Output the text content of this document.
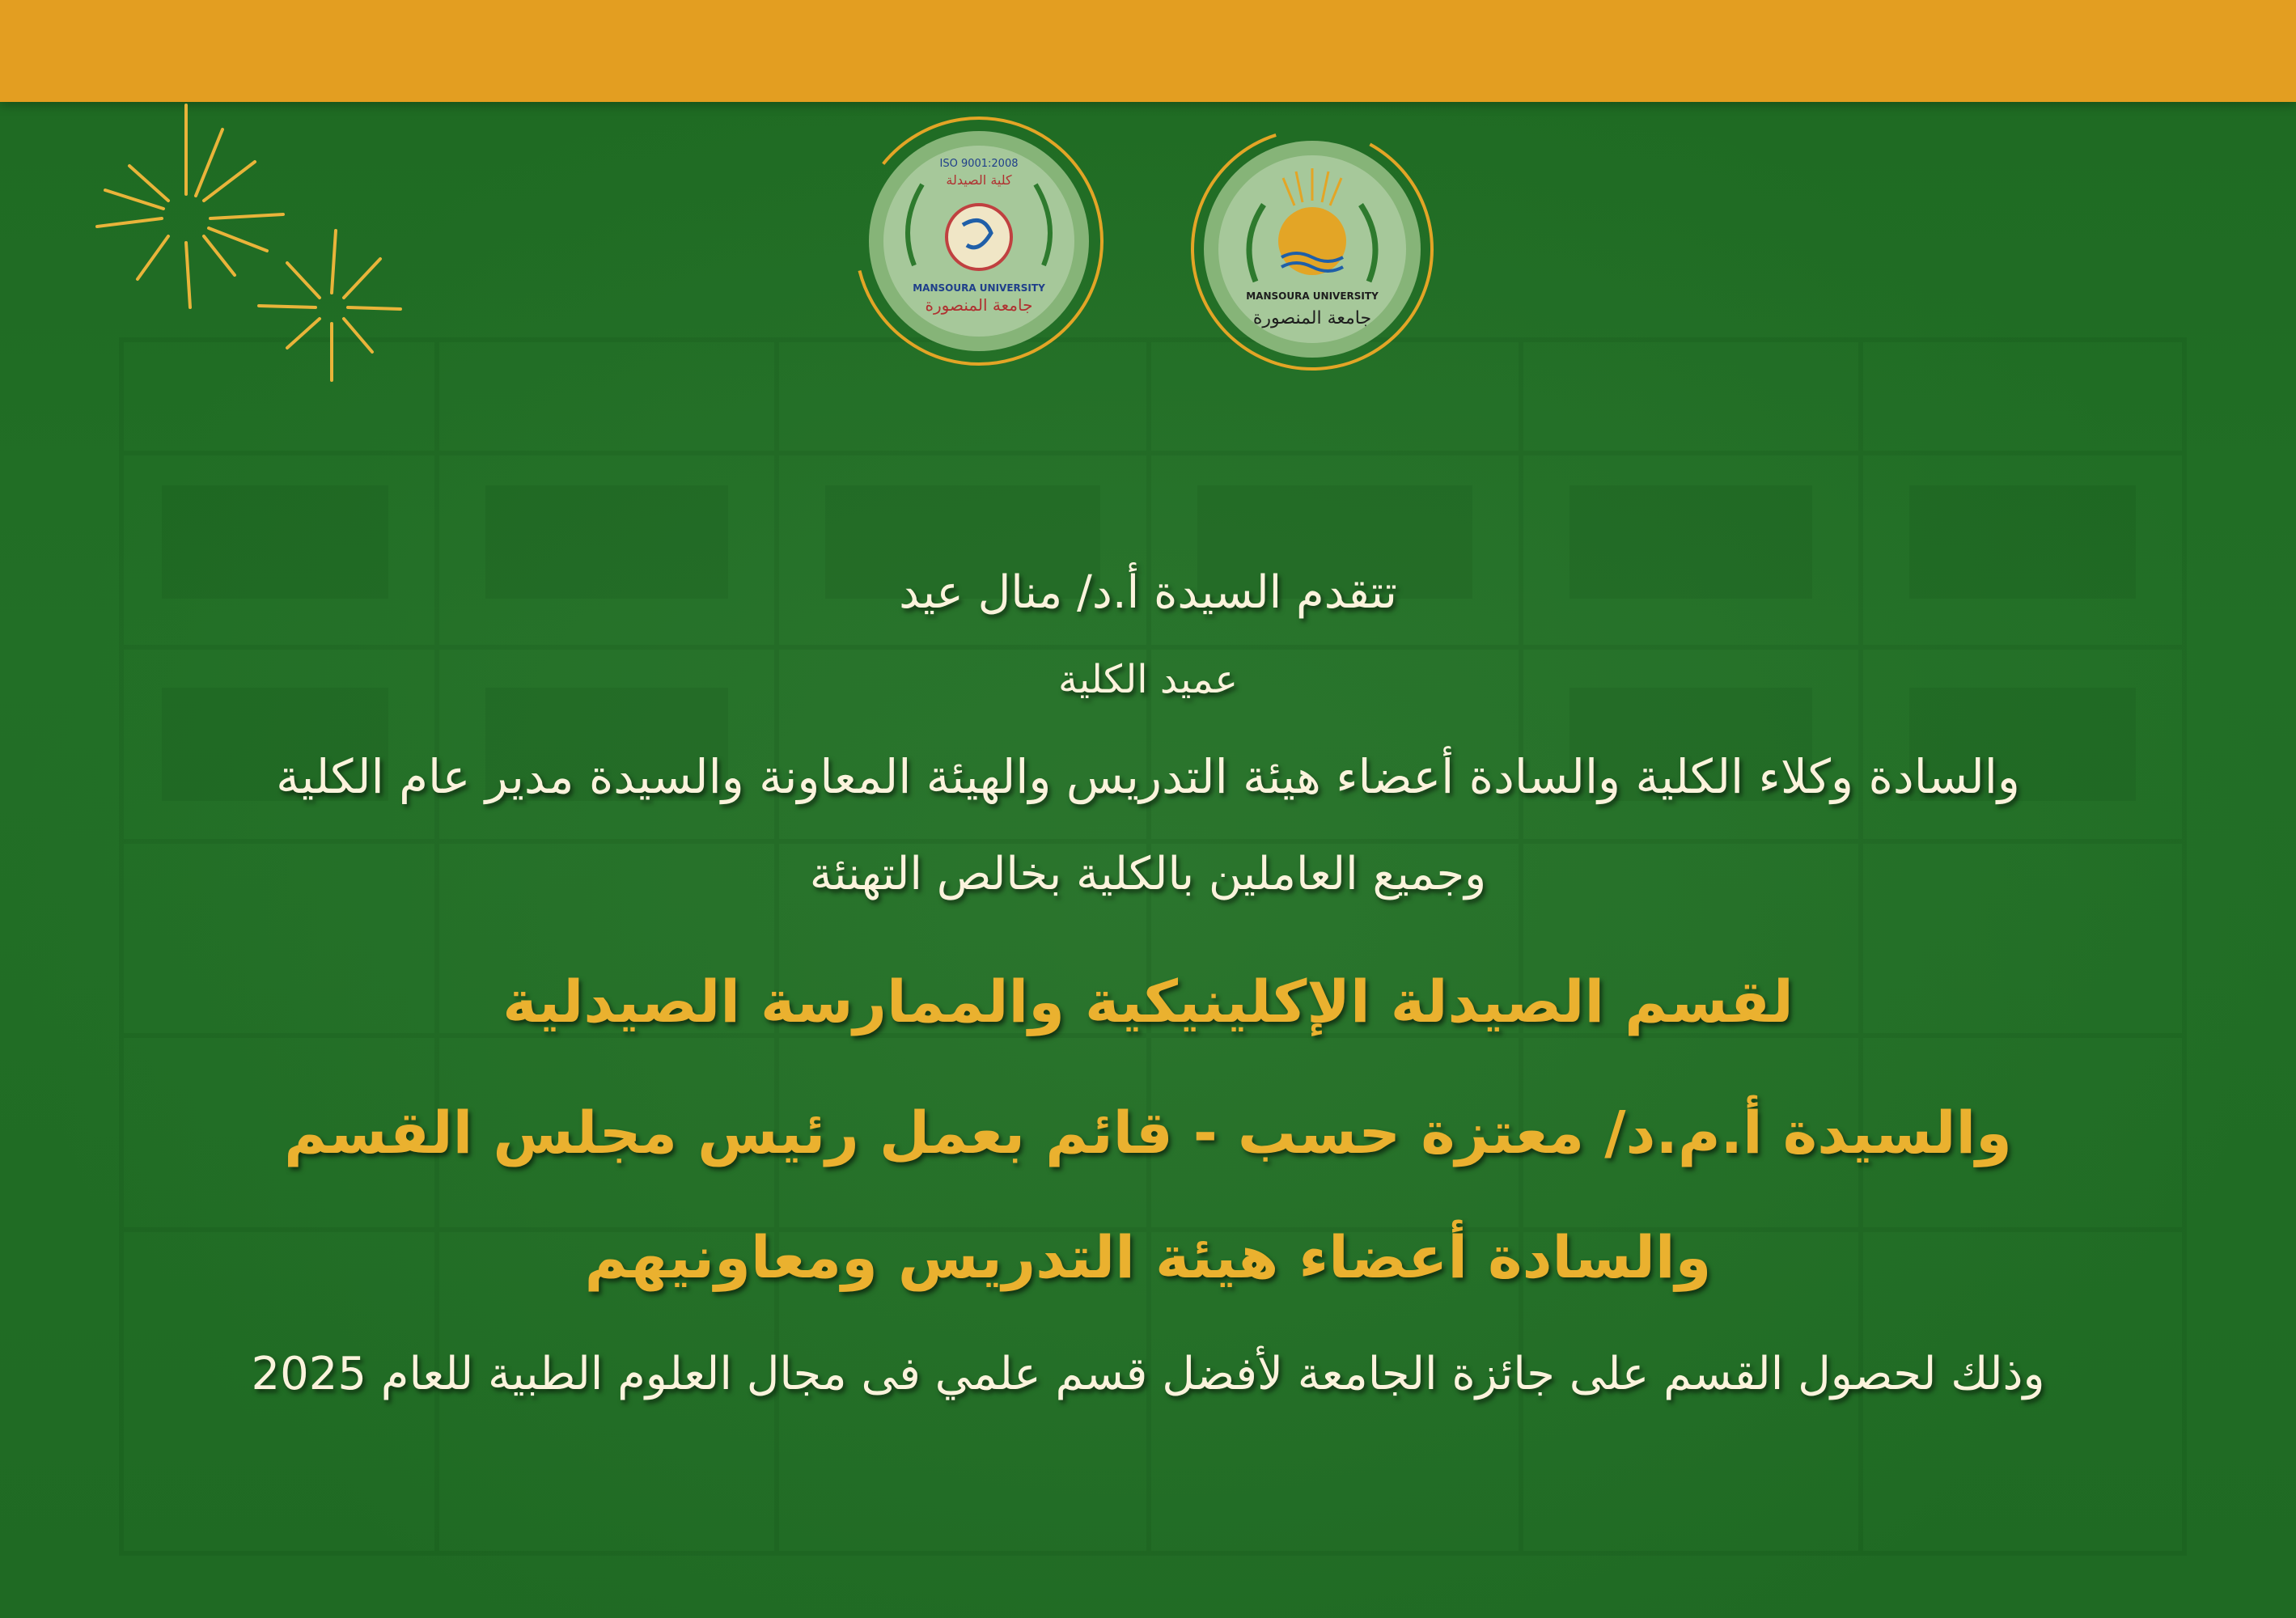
ISO 9001:2008
كلية الصيدلة
MANSOURA UNIVERSITY
جامعة المنصورة	MANSOURA UNIVERSITY
جامعة المنصورة
تتقدم السيدة أ.د/ منال عيد
عميد الكلية
والسادة وكلاء الكلية والسادة أعضاء هيئة التدريس والهيئة المعاونة والسيدة مدير عام الكلية
وجميع العاملين بالكلية بخالص التهنئة
لقسم الصيدلة الإكلينيكية والممارسة الصيدلية
والسيدة أ.م.د/ معتزة حسب - قائم بعمل رئيس مجلس القسم
والسادة أعضاء هيئة التدريس ومعاونيهم
وذلك لحصول القسم على جائزة الجامعة لأفضل قسم علمي فى مجال العلوم الطبية للعام 2025
